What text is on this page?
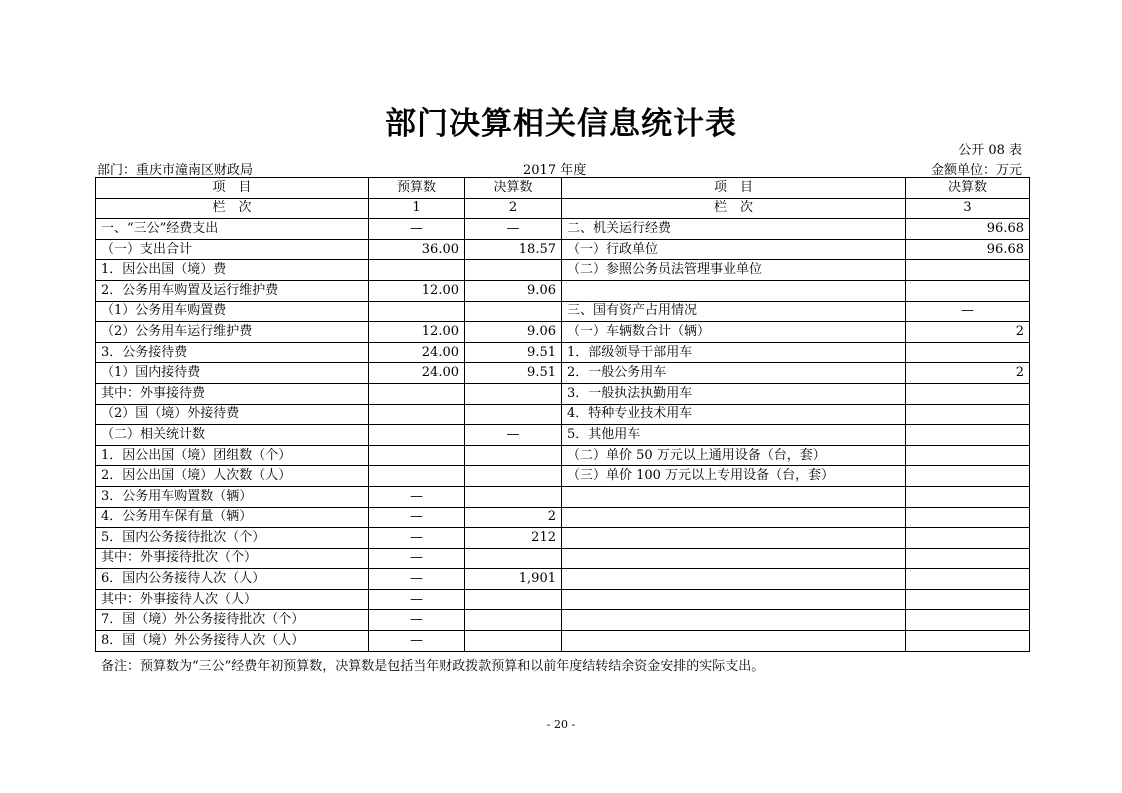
部门决算相关信息统计表
公开 08 表
部门：重庆市潼南区财政局	2017 年度	金额单位：万元
项　目	预算数	决算数	项　目	决算数
栏　次	1	2	栏　次	3
一、“三公”经费支出	—	—	二、机关运行经费	96.68
（一）支出合计	36.00	18.57	（一）行政单位	96.68
1．因公出国（境）费			（二）参照公务员法管理事业单位	
2．公务用车购置及运行维护费	12.00	9.06		
（1）公务用车购置费			三、国有资产占用情况	—
（2）公务用车运行维护费	12.00	9.06	（一）车辆数合计（辆）	2
3．公务接待费	24.00	9.51	1．部级领导干部用车	
（1）国内接待费	24.00	9.51	2．一般公务用车	2
其中：外事接待费			3．一般执法执勤用车	
（2）国（境）外接待费			4．特种专业技术用车	
（二）相关统计数		—	5．其他用车	
1．因公出国（境）团组数（个）			（二）单价 50 万元以上通用设备（台，套）	
2．因公出国（境）人次数（人）			（三）单价 100 万元以上专用设备（台，套）	
3．公务用车购置数（辆）	—			
4．公务用车保有量（辆）	—	2		
5．国内公务接待批次（个）	—	212		
其中：外事接待批次（个）	—			
6．国内公务接待人次（人）	—	1,901		
其中：外事接待人次（人）	—			
7．国（境）外公务接待批次（个）	—			
8．国（境）外公务接待人次（人）	—			
备注：预算数为“三公”经费年初预算数，决算数是包括当年财政拨款预算和以前年度结转结余资金安排的实际支出。
- 20 -
